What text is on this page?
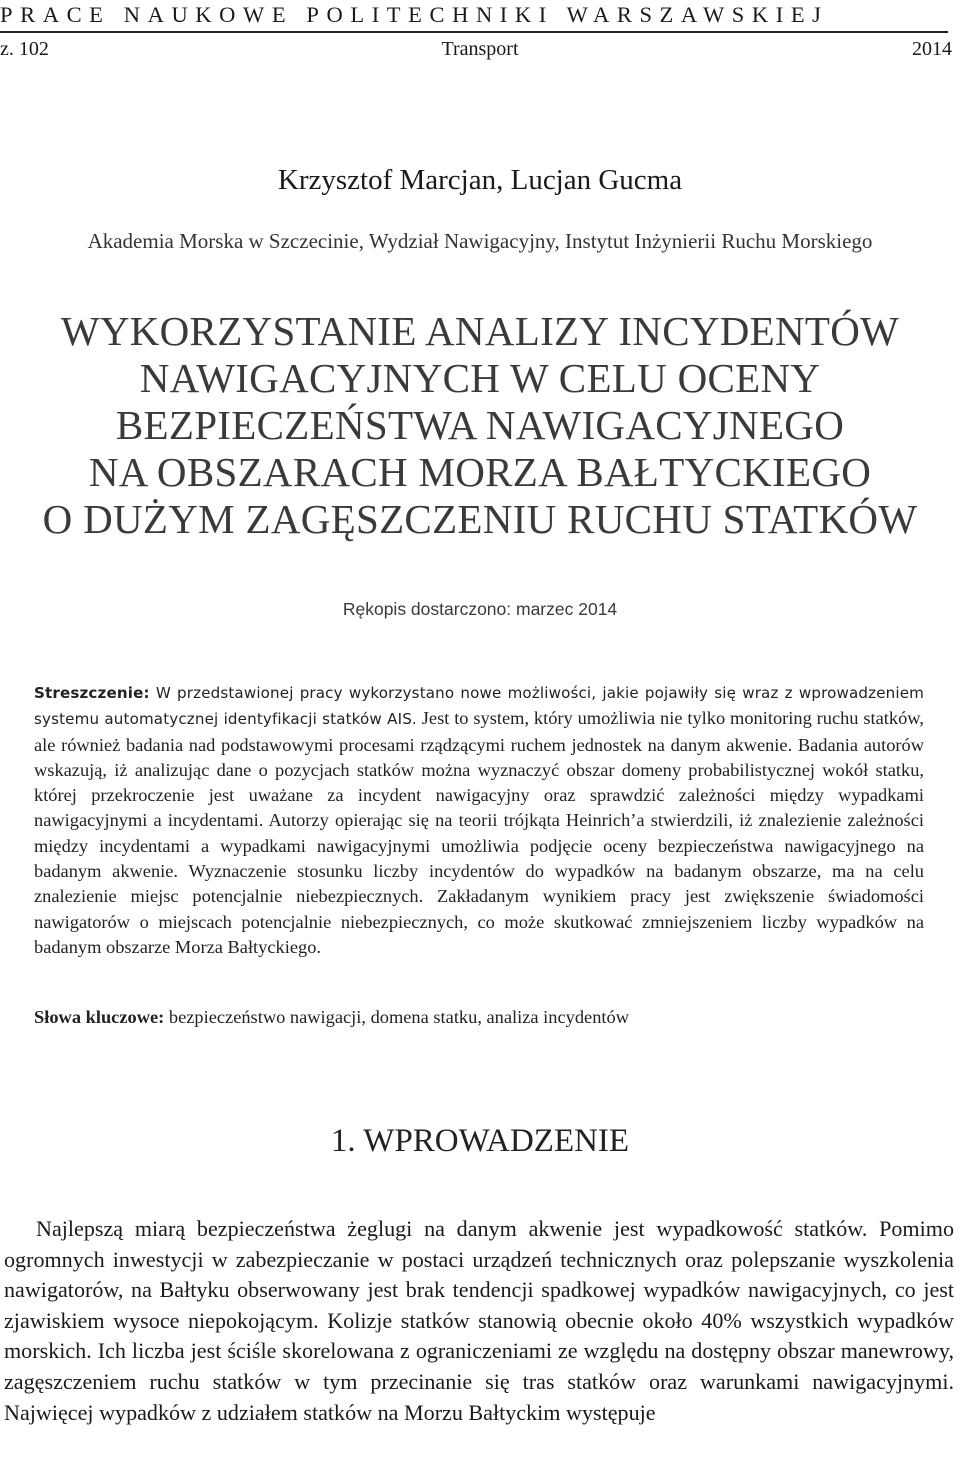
PRACE NAUKOWE POLITECHNIKI WARSZAWSKIEJ
z. 102	Transport	2014
Krzysztof Marcjan, Lucjan Gucma
Akademia Morska w Szczecinie, Wydział Nawigacyjny, Instytut Inżynierii Ruchu Morskiego
WYKORZYSTANIE ANALIZY INCYDENTÓW
NAWIGACYJNYCH W CELU OCENY
BEZPIECZEŃSTWA NAWIGACYJNEGO
NA OBSZARACH MORZA BAŁTYCKIEGO
O DUŻYM ZAGĘSZCZENIU RUCHU STATKÓW
Rękopis dostarczono: marzec 2014
Streszczenie: W przedstawionej pracy wykorzystano nowe możliwości, jakie pojawiły się wraz z wprowadzeniem systemu automatycznej identyfikacji statków AIS. Jest to system, który umożliwia nie tylko monitoring ruchu statków, ale również badania nad podstawowymi procesami rządzącymi ruchem jednostek na danym akwenie. Badania autorów wskazują, iż analizując dane o pozycjach statków można wyznaczyć obszar domeny probabilistycznej wokół statku, której przekroczenie jest uważane za incydent nawigacyjny oraz sprawdzić zależności między wypadkami nawigacyjnymi a incydentami. Autorzy opierając się na teorii trójkąta Heinrich’a stwierdzili, iż znalezienie zależności między incydentami a wypadkami nawigacyjnymi umożliwia podjęcie oceny bezpieczeństwa nawigacyjnego na badanym akwenie. Wyznaczenie stosunku liczby incydentów do wypadków na badanym obszarze, ma na celu znalezienie miejsc potencjalnie niebezpiecznych. Zakładanym wynikiem pracy jest zwiększenie świadomości nawigatorów o miejscach potencjalnie niebezpiecznych, co może skutkować zmniejszeniem liczby wypadków na badanym obszarze Morza Bałtyckiego.
Słowa kluczowe: bezpieczeństwo nawigacji, domena statku, analiza incydentów
1. WPROWADZENIE
Najlepszą miarą bezpieczeństwa żeglugi na danym akwenie jest wypadkowość statków. Pomimo ogromnych inwestycji w zabezpieczanie w postaci urządzeń technicznych oraz polepszanie wyszkolenia nawigatorów, na Bałtyku obserwowany jest brak tendencji spadkowej wypadków nawigacyjnych, co jest zjawiskiem wysoce niepokojącym. Kolizje statków stanowią obecnie około 40% wszystkich wypadków morskich. Ich liczba jest ściśle skorelowana z ograniczeniami ze względu na dostępny obszar manewrowy, zagęszczeniem ruchu statków w tym przecinanie się tras statków oraz warunkami nawigacyjnymi. Najwięcej wypadków z udziałem statków na Morzu Bałtyckim występuje
